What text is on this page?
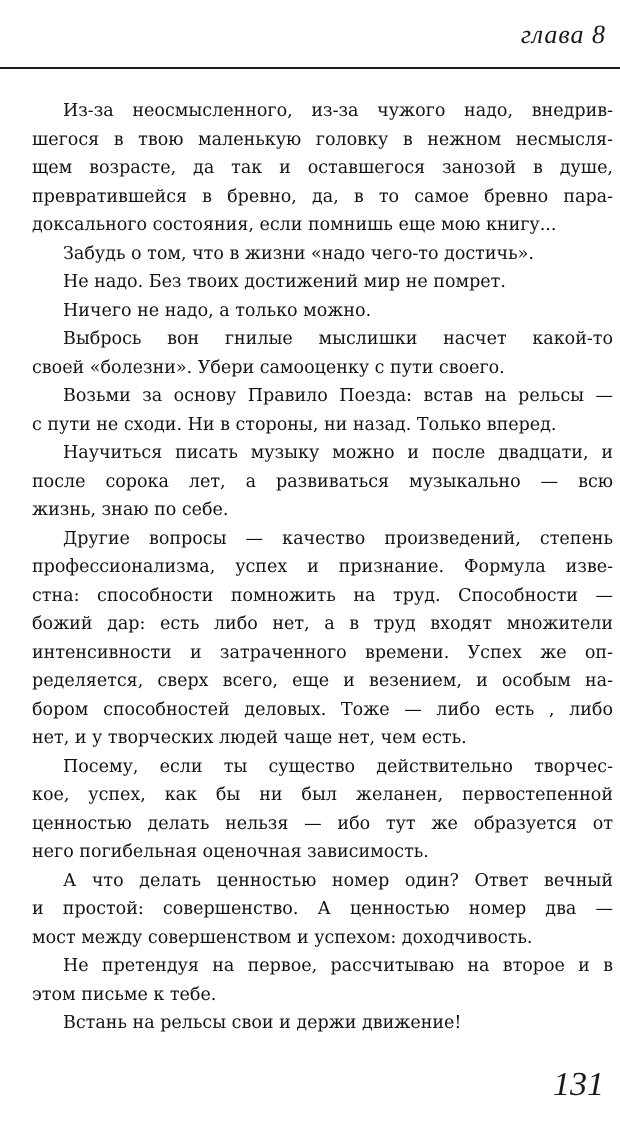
глава 8
Из-за неосмысленного, из-за чужого надо, внедрив-
шегося в твою маленькую головку в нежном несмысля-
щем возрасте, да так и оставшегося занозой в душе,
превратившейся в бревно, да, в то самое бревно пара-
доксального состояния, если помнишь еще мою книгу...
Забудь о том, что в жизни «надо чего-то достичь».
Не надо. Без твоих достижений мир не помрет.
Ничего не надо, а только можно.
Выбрось вон гнилые мыслишки насчет какой-то
своей «болезни». Убери самооценку с пути своего.
Возьми за основу Правило Поезда: встав на рельсы —
с пути не сходи. Ни в стороны, ни назад. Только вперед.
Научиться писать музыку можно и после двадцати, и
после сорока лет, а развиваться музыкально — всю
жизнь, знаю по себе.
Другие вопросы — качество произведений, степень
профессионализма, успех и признание. Формула изве-
стна: способности помножить на труд. Способности —
божий дар: есть либо нет, а в труд входят множители
интенсивности и затраченного времени. Успех же оп-
ределяется, сверх всего, еще и везением, и особым на-
бором способностей деловых. Тоже — либо есть , либо
нет, и у творческих людей чаще нет, чем есть.
Посему, если ты существо действительно творчес-
кое, успех, как бы ни был желанен, первостепенной
ценностью делать нельзя — ибо тут же образуется от
него погибельная оценочная зависимость.
А что делать ценностью номер один? Ответ вечный
и простой: совершенство. А ценностью номер два —
мост между совершенством и успехом: доходчивость.
Не претендуя на первое, рассчитываю на второе и в
этом письме к тебе.
Встань на рельсы свои и держи движение!
131
